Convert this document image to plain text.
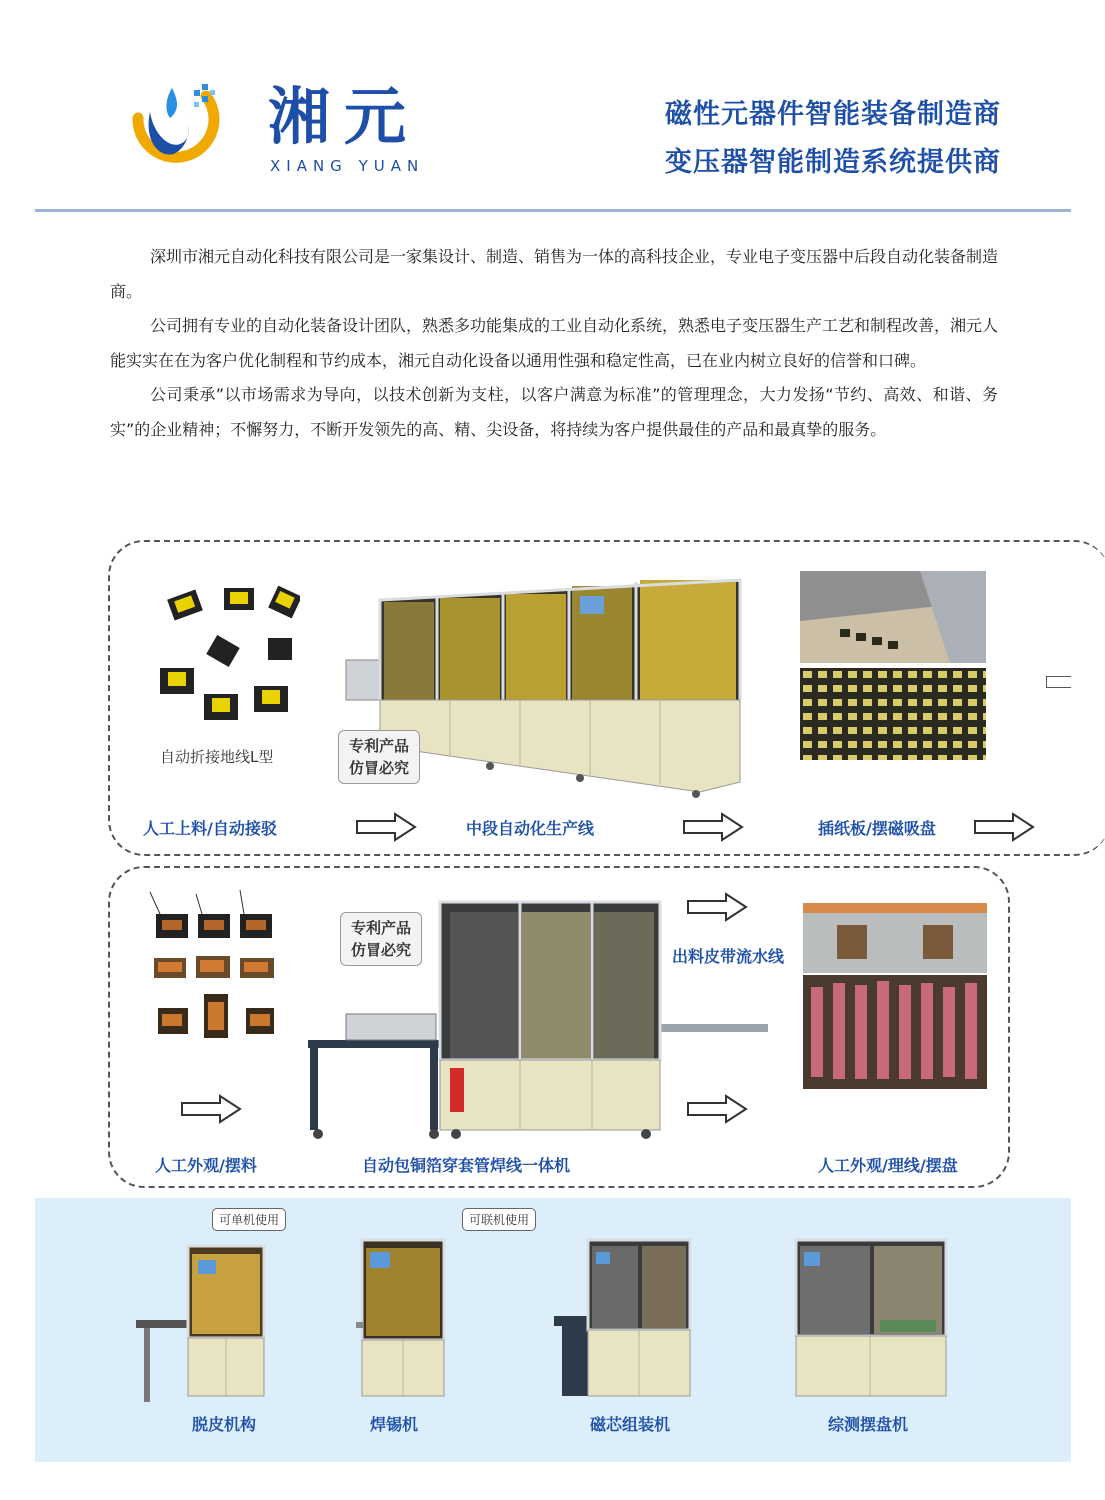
湘元
XIANG YUAN
磁性元器件智能装备制造商
变压器智能制造系统提供商

深圳市湘元自动化科技有限公司是一家集设计、制造、销售为一体的高科技企业，专业电子变压器中后段自动化装备制造商。

公司拥有专业的自动化装备设计团队，熟悉多功能集成的工业自动化系统，熟悉电子变压器生产工艺和制程改善，湘元人能实实在在为客户优化制程和节约成本，湘元自动化设备以通用性强和稳定性高，已在业内树立良好的信誉和口碑。

公司秉承”以市场需求为导向，以技术创新为支柱，以客户满意为标准”的管理理念，大力发扬“节约、高效、和谐、务实”的企业精神；不懈努力，不断开发领先的高、精、尖设备，将持续为客户提供最佳的产品和最真挚的服务。

自动折接地线L型
专利产品
仿冒必究
人工上料/自动接驳	中段自动化生产线	插纸板/摆磁吸盘
专利产品
仿冒必究	出料皮带流水线
人工外观/摆料	自动包铜箔穿套管焊线一体机	人工外观/理线/摆盘
可单机使用	可联机使用
脱皮机构	焊锡机	磁芯组装机	综测摆盘机
